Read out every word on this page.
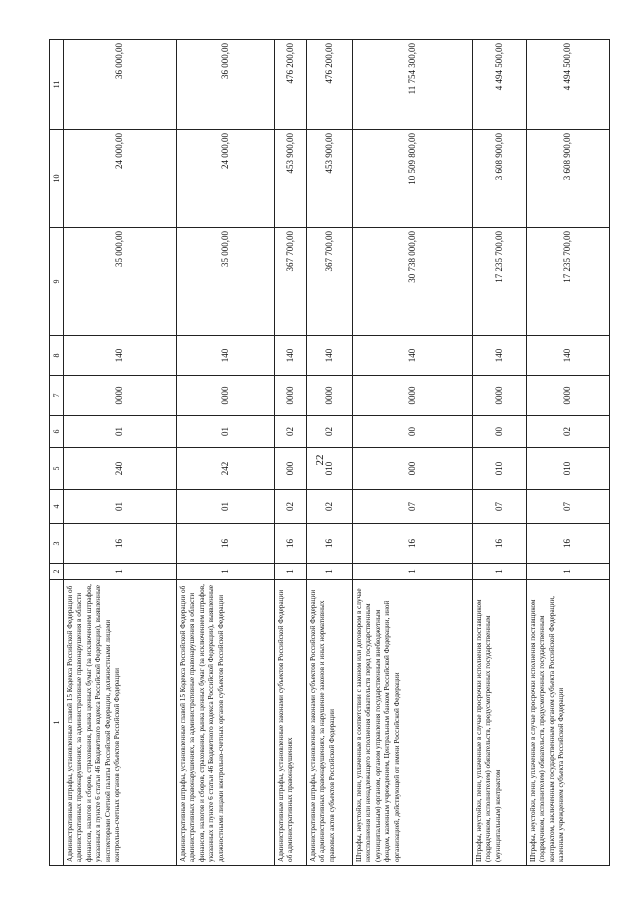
22
1	2	3	4	5	6	7	8	9	10	11
Административные штрафы, установленные главой 15 Кодекса Российской Федерации об административных правонарушениях, за административные правонарушения в области финансов, налогов и сборов, страхования, рынка ценных бумаг (за исключением штрафов, указанных в пункте 6 статьи 46 Бюджетного кодекса Российской Федерации), выявленные инспекторами Счетной палаты Российской Федерации, должностными лицами контрольно-счетных органов субъектов Российской Федерации	1	16	01	240	01	0000	140	35 000,00	24 000,00	36 000,00
Административные штрафы, установленные главой 15 Кодекса Российской Федерации об административных правонарушениях, за административные правонарушения в области финансов, налогов и сборов, страхования, рынка ценных бумаг (за исключением штрафов, указанных в пункте 6 статьи 46 Бюджетного кодекса Российской Федерации), выявленные должностными лицами контрольно-счетных органов субъектов Российской Федерации	1	16	01	242	01	0000	140	35 000,00	24 000,00	36 000,00
Административные штрафы, установленные законами субъектов Российской Федерации об административных правонарушениях	1	16	02	000	02	0000	140	367 700,00	453 900,00	476 200,00
Административные штрафы, установленные законами субъектов Российской Федерации об административных правонарушениях, за нарушение законов и иных нормативных правовых актов субъектов Российской Федерации	1	16	02	010	02	0000	140	367 700,00	453 900,00	476 200,00
Штрафы, неустойки, пени, уплаченные в соответствии с законом или договором в случае неисполнения или ненадлежащего исполнения обязательств перед государственным (муниципальным) органом, органом управления государственным внебюджетным фондом, казенным учреждением, Центральным банком Российской Федерации, иной организацией, действующей от имени Российской Федерации	1	16	07	000	00	0000	140	30 738 000,00	10 509 800,00	11 754 300,00
Штрафы, неустойки, пени, уплаченные в случае просрочки исполнения поставщиком (подрядчиком, исполнителем) обязательств, предусмотренных государственным (муниципальным) контрактом	1	16	07	010	00	0000	140	17 235 700,00	3 608 900,00	4 494 500,00
Штрафы, неустойки, пени, уплаченные в случае просрочки исполнения поставщиком (подрядчиком, исполнителем) обязательств, предусмотренных государственным контрактом, заключенным государственным органом субъекта Российской Федерации, казенным учреждением субъекта Российской Федерации	1	16	07	010	02	0000	140	17 235 700,00	3 608 900,00	4 494 500,00
